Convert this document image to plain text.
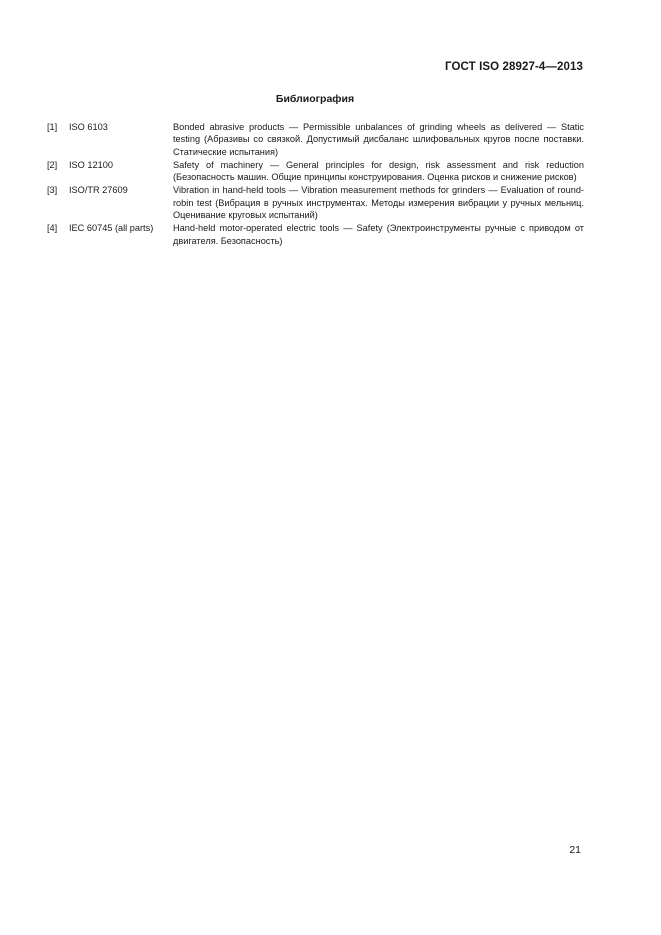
ГОСТ ISO 28927-4—2013
Библиография
[1]	ISO 6103	Bonded abrasive products — Permissible unbalances of grinding wheels as delivered — Static testing (Абразивы со связкой. Допустимый дисбаланс шлифовальных кругов после поставки. Статические испытания)
[2]	ISO 12100	Safety of machinery — General principles for design, risk assessment and risk reduction (Безопасность машин. Общие принципы конструирования. Оценка рисков и снижение рисков)
[3]	ISO/TR 27609	Vibration in hand-held tools — Vibration measurement methods for grinders — Evaluation of round-robin test (Вибрация в ручных инструментах. Методы измерения вибрации у ручных мельниц. Оценивание круговых испытаний)
[4]	IEC 60745 (all parts)	Hand-held motor-operated electric tools — Safety (Электроинструменты ручные с приводом от двигателя. Безопасность)
21
